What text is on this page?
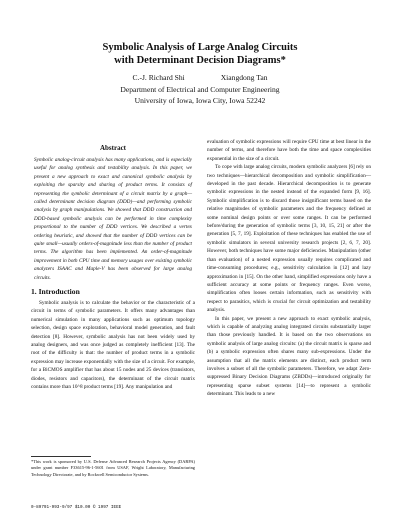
Symbolic Analysis of Large Analog Circuits
with Determinant Decision Diagrams*
C.-J. Richard Shi	Xiangdong Tan
Department of Electrical and Computer Engineering
University of Iowa, Iowa City, Iowa 52242
Abstract
Symbolic analog-circuit analysis has many applications, and is especially useful for analog synthesis and testability analysis. In this paper, we present a new approach to exact and canonical symbolic analysis by exploiting the sparsity and sharing of product terms. It consists of representing the symbolic determinant of a circuit matrix by a graph—called determinant decision diagram (DDD)—and performing symbolic analysis by graph manipulations. We showed that DDD construction and DDD-based symbolic analysis can be performed in time complexity proportional to the number of DDD vertices. We described a vertex ordering heuristic, and showed that the number of DDD vertices can be quite small—usually orders-of-magnitude less than the number of product terms. The algorithm has been implemented. An order-of-magnitude improvement in both CPU time and memory usages over existing symbolic analyzers ISAAC and Maple-V has been observed for large analog circuits.
1. Introduction
Symbolic analysis is to calculate the behavior or the characteristic of a circuit in terms of symbolic parameters. It offers many advantages than numerical simulation in many applications such as optimum topology selection, design space exploration, behavioral model generation, and fault detection [8]. However, symbolic analysis has not been widely used by analog designers, and was once judged as completely inefficient [13]. The root of the difficulty is that: the number of product terms in a symbolic expression may increase exponentially with the size of a circuit. For example, for a BiCMOS amplifier that has about 15 nodes and 25 devices (transistors, diodes, resistors and capacitors), the determinant of the circuit matrix contains more than 10^8 product terms [19]. Any manipulation and
*This work is sponsored by U.S. Defense Advanced Research Projects Agency (DARPA) under grant number F33615-96-1-5601 from USAF, Wright Laboratory, Manufacturing Technology Directorate, and by Rockwell Semiconductor Systems.
0-89791-993-9/97 $10.00 © 1997 IEEE

evaluation of symbolic expressions will require CPU time at best linear in the number of terms, and therefore have both the time and space complexities exponential in the size of a circuit.

To cope with large analog circuits, modern symbolic analyzers [6] rely on two techniques—hierarchical decomposition and symbolic simplification—developed in the past decade. Hierarchical decomposition is to generate symbolic expressions in the nested instead of the expanded form [9, 16]. Symbolic simplification is to discard those insignificant terms based on the relative magnitudes of symbolic parameters and the frequency defined at some nominal design points or over some ranges. It can be performed before/during the generation of symbolic terms [3, 10, 15, 21] or after the generation [5, 7, 19]. Exploitation of these techniques has enabled the use of symbolic simulators in several university research projects [2, 6, 7, 20]. However, both techniques have some major deficiencies. Manipulation (other than evaluation) of a nested expression usually requires complicated and time-consuming procedures; e.g., sensitivity calculation in [12] and lazy approximation in [15]. On the other hand, simplified expressions only have a sufficient accuracy at some points or frequency ranges. Even worse, simplification often looses certain information, such as sensitivity with respect to parasitics, which is crucial for circuit optimization and testability analysis.

In this paper, we present a new approach to exact symbolic analysis, which is capable of analyzing analog integrated circuits substantially larger than those previously handled. It is based on the two observations on symbolic analysis of large analog circuits: (a) the circuit matrix is sparse and (b) a symbolic expression often shares many sub-expressions. Under the assumption that all the matrix elements are distinct, each product term involves a subset of all the symbolic parameters. Therefore, we adapt Zero-suppressed Binary Decision Diagrams (ZBDDs)—introduced originally for representing sparse subset systems [14]—to represent a symbolic determinant. This leads to a new
